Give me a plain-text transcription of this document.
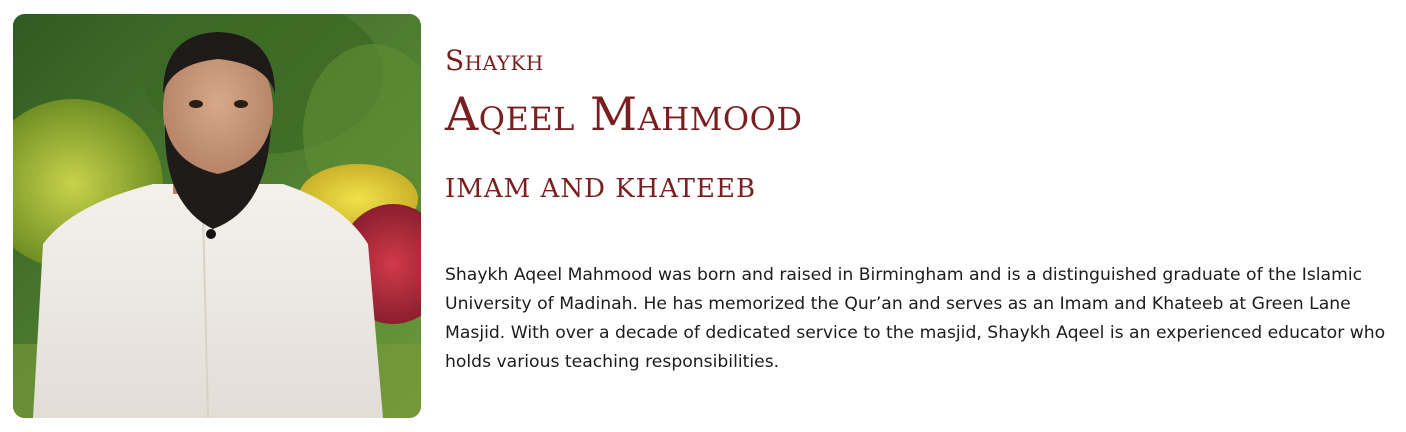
Shaykh
Aqeel Mahmood
IMAM AND KHATEEB

Shaykh Aqeel Mahmood was born and raised in Birmingham and is a distinguished graduate of the Islamic University of Madinah. He has memorized the Qur’an and serves as an Imam and Khateeb at Green Lane Masjid. With over a decade of dedicated service to the masjid, Shaykh Aqeel is an experienced educator who holds various teaching responsibilities.
